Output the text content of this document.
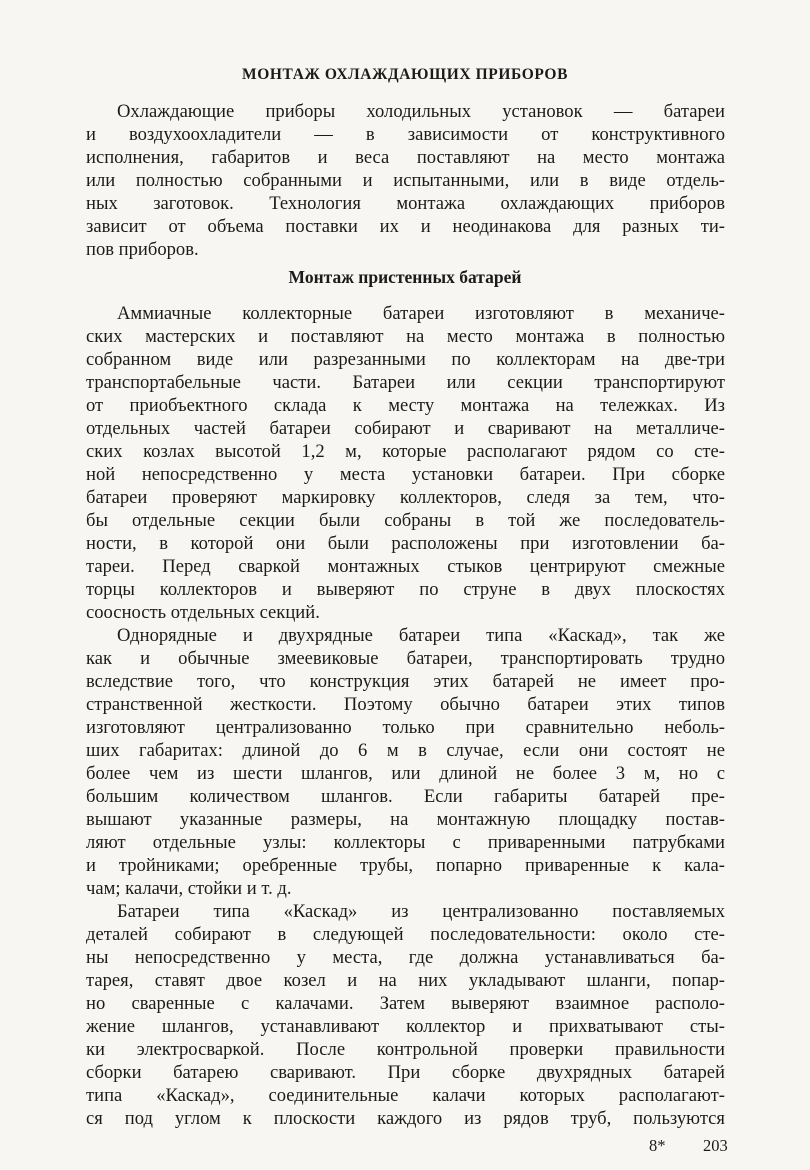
МОНТАЖ ОХЛАЖДАЮЩИХ ПРИБОРОВ
Охлаждающие приборы холодильных установок — батареи
и воздухоохладители — в зависимости от конструктивного
исполнения, габаритов и веса поставляют на место монтажа
или полностью собранными и испытанными, или в виде отдель-
ных заготовок. Технология монтажа охлаждающих приборов
зависит от объема поставки их и неодинакова для разных ти-
пов приборов.
Монтаж пристенных батарей
Аммиачные коллекторные батареи изготовляют в механиче-
ских мастерских и поставляют на место монтажа в полностью
собранном виде или разрезанными по коллекторам на две-три
транспортабельные части. Батареи или секции транспортируют
от приобъектного склада к месту монтажа на тележках. Из
отдельных частей батареи собирают и сваривают на металличе-
ских козлах высотой 1,2 м, которые располагают рядом со сте-
ной непосредственно у места установки батареи. При сборке
батареи проверяют маркировку коллекторов, следя за тем, что-
бы отдельные секции были собраны в той же последователь-
ности, в которой они были расположены при изготовлении ба-
тареи. Перед сваркой монтажных стыков центрируют смежные
торцы коллекторов и выверяют по струне в двух плоскостях
соосность отдельных секций.
Однорядные и двухрядные батареи типа «Каскад», так же
как и обычные змеевиковые батареи, транспортировать трудно
вследствие того, что конструкция этих батарей не имеет про-
странственной жесткости. Поэтому обычно батареи этих типов
изготовляют централизованно только при сравнительно неболь-
ших габаритах: длиной до 6 м в случае, если они состоят не
более чем из шести шлангов, или длиной не более 3 м, но с
большим количеством шлангов. Если габариты батарей пре-
вышают указанные размеры, на монтажную площадку постав-
ляют отдельные узлы: коллекторы с приваренными патрубками
и тройниками; оребренные трубы, попарно приваренные к кала-
чам; калачи, стойки и т. д.
Батареи типа «Каскад» из централизованно поставляемых
деталей собирают в следующей последовательности: около сте-
ны непосредственно у места, где должна устанавливаться ба-
тарея, ставят двое козел и на них укладывают шланги, попар-
но сваренные с калачами. Затем выверяют взаимное располо-
жение шлангов, устанавливают коллектор и прихватывают сты-
ки электросваркой. После контрольной проверки правильности
сборки батарею сваривают. При сборке двухрядных батарей
типа «Каскад», соединительные калачи которых располагают-
ся под углом к плоскости каждого из рядов труб, пользуются
8* 203
